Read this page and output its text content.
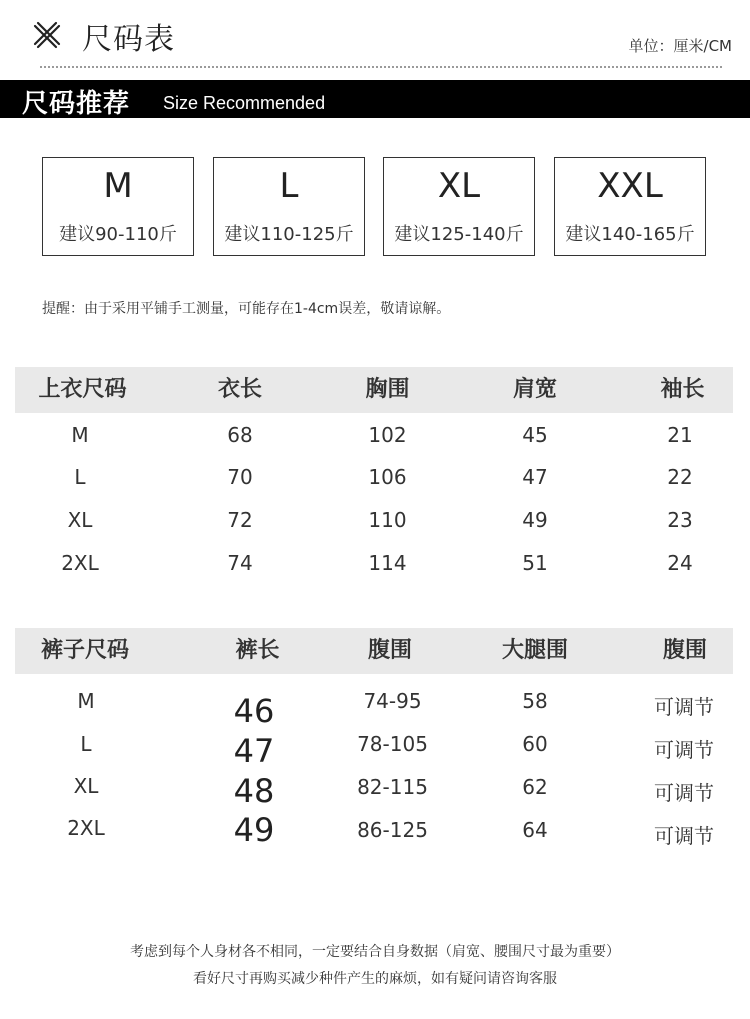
尺码表	单位：厘米/CM
尺码推荐 Size Recommended
M
建议90-110斤
L
建议110-125斤
XL
建议125-140斤
XXL
建议140-165斤
提醒：由于采用平铺手工测量，可能存在1-4cm误差，敬请谅解。
上衣尺码	衣长	胸围	肩宽	袖长
M	68	102	45	21
L	70	106	47	22
XL	72	110	49	23
2XL	74	114	51	24
裤子尺码	裤长	腹围	大腿围	腹围
M	46	74-95	58	可调节
L	47	78-105	60	可调节
XL	48	82-115	62	可调节
2XL	49	86-125	64	可调节
考虑到每个人身材各不相同，一定要结合自身数据（肩宽、腰围尺寸最为重要）
看好尺寸再购买减少种件产生的麻烦，如有疑问请咨询客服
